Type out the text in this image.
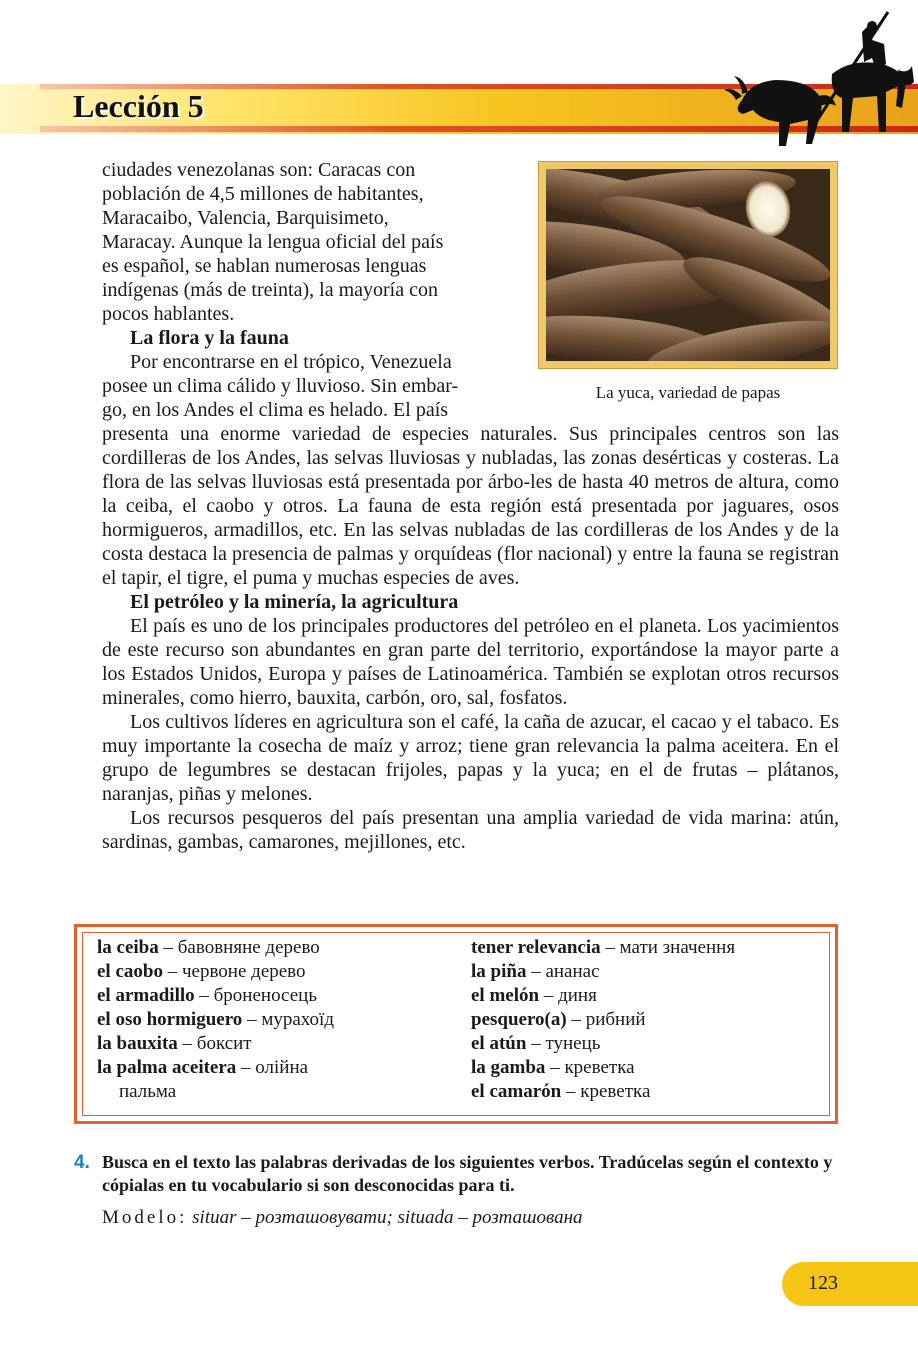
Lección 5

ciudades venezolanas son: Caracas con

población de 4,5 millones de habitantes,

Maracaibo, Valencia, Barquisimeto,

Maracay. Aunque la lengua oficial del país

es español, se hablan numerosas lenguas

indígenas (más de treinta), la mayoría con

pocos hablantes.

La flora y la fauna

Por encontrarse en el trópico, Venezuela

posee un clima cálido y lluvioso. Sin embar-

go, en los Andes el clima es helado. El país

La yuca, variedad de papas

presenta una enorme variedad de especies naturales. Sus principales centros son las cordilleras de los Andes, las selvas lluviosas y nubladas, las zonas desérticas y costeras. La flora de las selvas lluviosas está presentada por árbo-les de hasta 40 metros de altura, como la ceiba, el caobo y otros. La fauna de esta región está presentada por jaguares, osos hormigueros, armadillos, etc. En las selvas nubladas de las cordilleras de los Andes y de la costa destaca la presencia de palmas y orquídeas (flor nacional) y entre la fauna se registran el tapir, el tigre, el puma y muchas especies de aves.

El petróleo y la minería, la agricultura

El país es uno de los principales productores del petróleo en el planeta. Los yacimientos de este recurso son abundantes en gran parte del territorio, exportándose la mayor parte a los Estados Unidos, Europa y países de Latinoamérica. También se explotan otros recursos minerales, como hierro, bauxita, carbón, oro, sal, fosfatos.

Los cultivos líderes en agricultura son el café, la caña de azucar, el cacao y el tabaco. Es muy importante la cosecha de maíz y arroz; tiene gran relevancia la palma aceitera. En el grupo de legumbres se destacan frijoles, papas y la yuca; en el de frutas – plátanos, naranjas, piñas y melones.

Los recursos pesqueros del país presentan una amplia variedad de vida marina: atún, sardinas, gambas, camarones, mejillones, etc.

la ceiba – бавовняне дерево
el caobo – червоне дерево
el armadillo – броненосець
el oso hormiguero – мурахоїд
la bauxita – боксит
la palma aceitera – олійна
пальма
tener relevancia – мати значення
la piña – ананас
el melón – диня
pesquero(a) – рибний
el atún – тунець
la gamba – креветка
el camarón – креветка
4. Busca en el texto las palabras derivadas de los siguientes verbos. Tradúcelas según el contexto y cópialas en tu vocabulario si son desconocidas para ti.

Modelo: situar – розташовувати; situada – розташована
123
